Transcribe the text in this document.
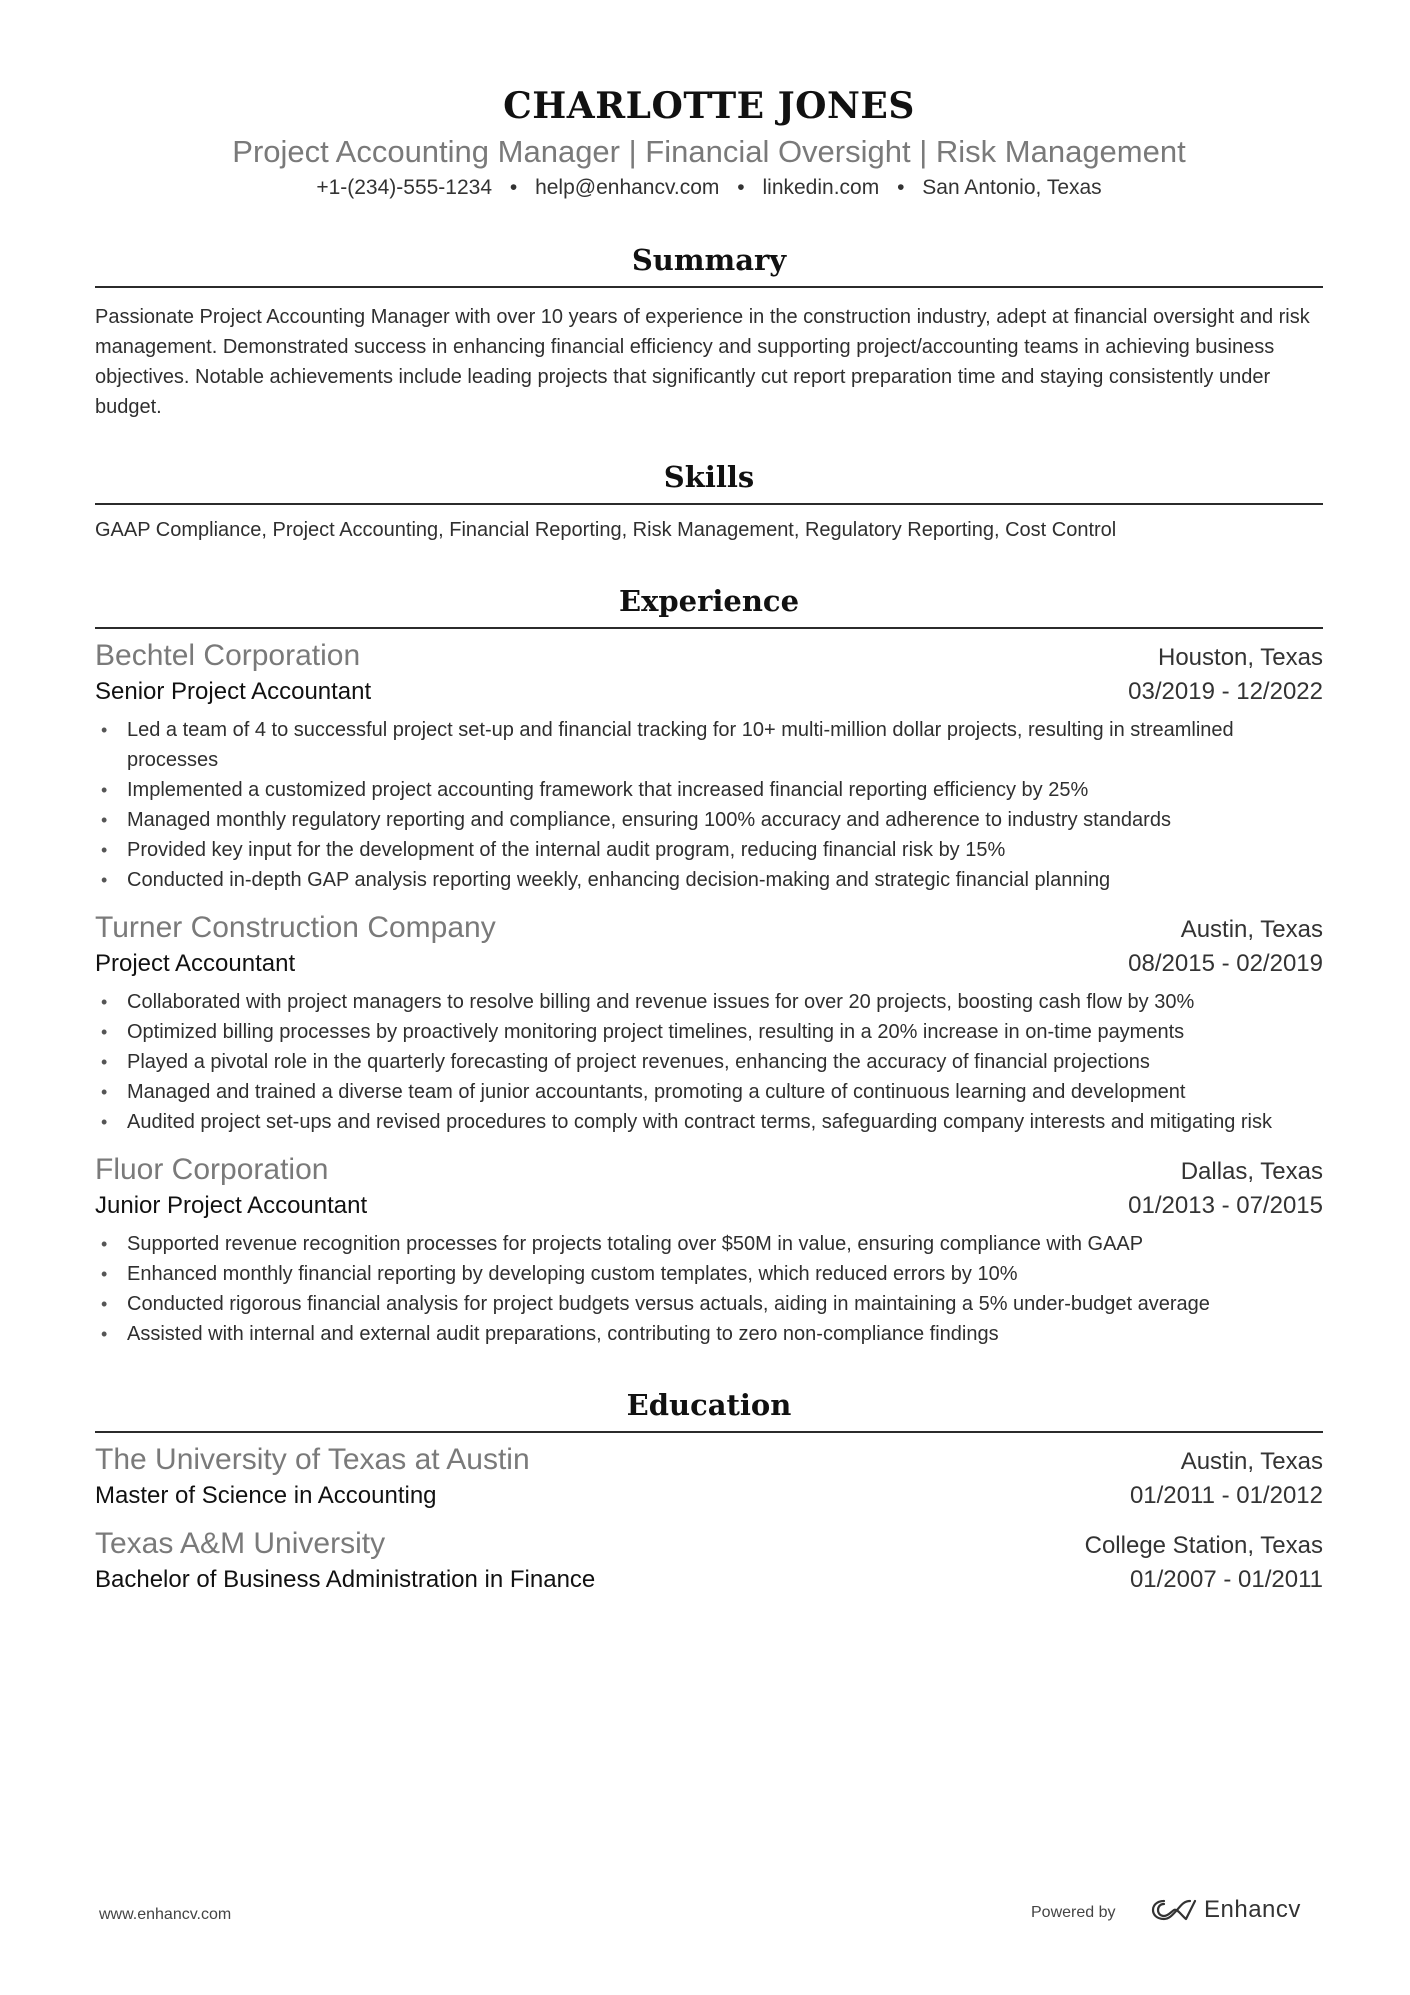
CHARLOTTE JONES
Project Accounting Manager | Financial Oversight | Risk Management
+1-(234)-555-1234 • help@enhancv.com • linkedin.com • San Antonio, Texas
Summary
Passionate Project Accounting Manager with over 10 years of experience in the construction industry, adept at financial oversight and risk management. Demonstrated success in enhancing financial efficiency and supporting project/accounting teams in achieving business objectives. Notable achievements include leading projects that significantly cut report preparation time and staying consistently under budget.
Skills
GAAP Compliance, Project Accounting, Financial Reporting, Risk Management, Regulatory Reporting, Cost Control
Experience
Bechtel Corporation	Houston, Texas
Senior Project Accountant	03/2019 - 12/2022
• Led a team of 4 to successful project set-up and financial tracking for 10+ multi-million dollar projects, resulting in streamlined processes
• Implemented a customized project accounting framework that increased financial reporting efficiency by 25%
• Managed monthly regulatory reporting and compliance, ensuring 100% accuracy and adherence to industry standards
• Provided key input for the development of the internal audit program, reducing financial risk by 15%
• Conducted in-depth GAP analysis reporting weekly, enhancing decision-making and strategic financial planning
Turner Construction Company	Austin, Texas
Project Accountant	08/2015 - 02/2019
• Collaborated with project managers to resolve billing and revenue issues for over 20 projects, boosting cash flow by 30%
• Optimized billing processes by proactively monitoring project timelines, resulting in a 20% increase in on-time payments
• Played a pivotal role in the quarterly forecasting of project revenues, enhancing the accuracy of financial projections
• Managed and trained a diverse team of junior accountants, promoting a culture of continuous learning and development
• Audited project set-ups and revised procedures to comply with contract terms, safeguarding company interests and mitigating risk
Fluor Corporation	Dallas, Texas
Junior Project Accountant	01/2013 - 07/2015
• Supported revenue recognition processes for projects totaling over $50M in value, ensuring compliance with GAAP
• Enhanced monthly financial reporting by developing custom templates, which reduced errors by 10%
• Conducted rigorous financial analysis for project budgets versus actuals, aiding in maintaining a 5% under-budget average
• Assisted with internal and external audit preparations, contributing to zero non-compliance findings
Education
The University of Texas at Austin	Austin, Texas
Master of Science in Accounting	01/2011 - 01/2012
Texas A&M University	College Station, Texas
Bachelor of Business Administration in Finance	01/2007 - 01/2011
www.enhancv.com	Powered by	Enhancv
